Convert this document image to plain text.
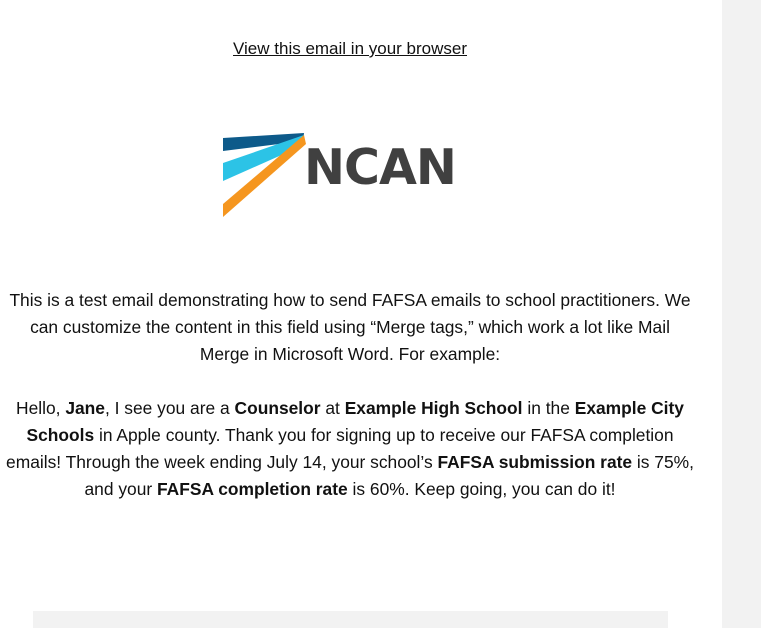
View this email in your browser
NCAN
This is a test email demonstrating how to send FAFSA emails to school practitioners. We can customize the content in this field using “Merge tags,” which work a lot like Mail Merge in Microsoft Word. For example:
Hello, Jane, I see you are a Counselor at Example High School in the Example City Schools in Apple county. Thank you for signing up to receive our FAFSA completion emails! Through the week ending July 14, your school’s FAFSA submission rate is 75%, and your FAFSA completion rate is 60%. Keep going, you can do it!
